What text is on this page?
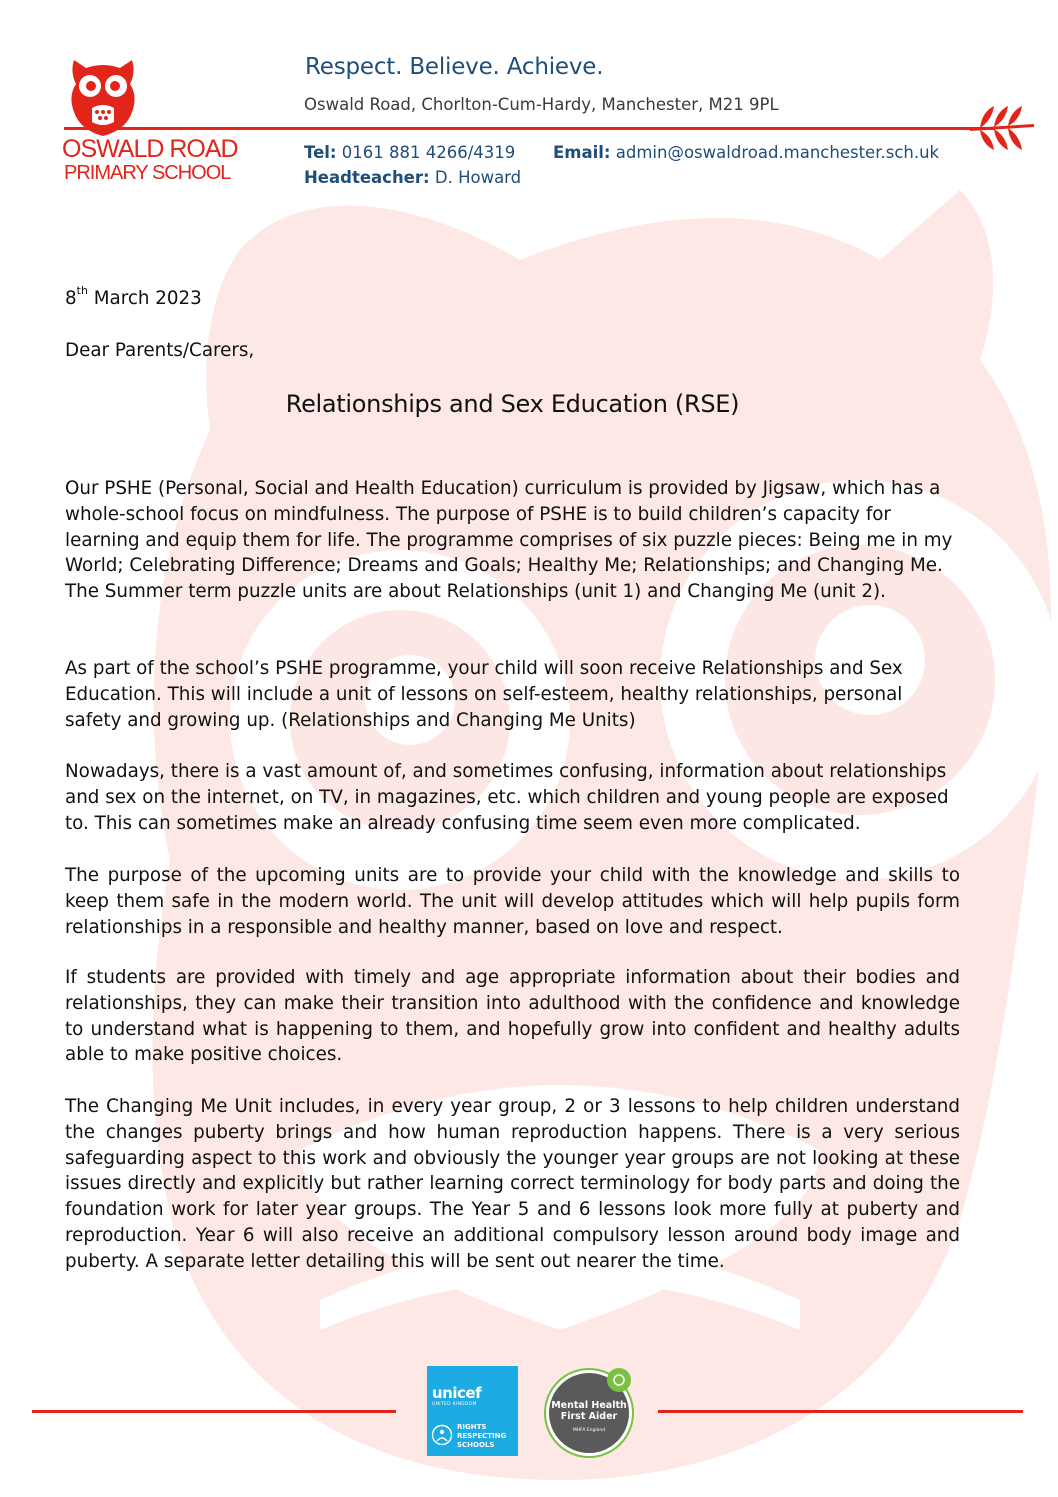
OSWALD ROAD
PRIMARY SCHOOL
Respect. Believe. Achieve.
Oswald Road, Chorlton-Cum-Hardy, Manchester, M21 9PL
Tel: 0161 881 4266/4319 Email: admin@oswaldroad.manchester.sch.uk
Headteacher: D. Howard
8th March 2023
Dear Parents/Carers,
Relationships and Sex Education (RSE)

Our PSHE (Personal, Social and Health Education) curriculum is provided by Jigsaw, which has a whole-school focus on mindfulness. The purpose of PSHE is to build children’s capacity for learning and equip them for life. The programme comprises of six puzzle pieces: Being me in my World; Celebrating Difference; Dreams and Goals; Healthy Me; Relationships; and Changing Me. The Summer term puzzle units are about Relationships (unit 1) and Changing Me (unit 2).

As part of the school’s PSHE programme, your child will soon receive Relationships and Sex Education. This will include a unit of lessons on self-esteem, healthy relationships, personal safety and growing up. (Relationships and Changing Me Units)

Nowadays, there is a vast amount of, and sometimes confusing, information about relationships and sex on the internet, on TV, in magazines, etc. which children and young people are exposed to. This can sometimes make an already confusing time seem even more complicated.

The purpose of the upcoming units are to provide your child with the knowledge and skills to keep them safe in the modern world. The unit will develop attitudes which will help pupils form relationships in a responsible and healthy manner, based on love and respect.

If students are provided with timely and age appropriate information about their bodies and relationships, they can make their transition into adulthood with the confidence and knowledge to understand what is happening to them, and hopefully grow into confident and healthy adults able to make positive choices.

The Changing Me Unit includes, in every year group, 2 or 3 lessons to help children understand the changes puberty brings and how human reproduction happens. There is a very serious safeguarding aspect to this work and obviously the younger year groups are not looking at these issues directly and explicitly but rather learning correct terminology for body parts and doing the foundation work for later year groups. The Year 5 and 6 lessons look more fully at puberty and reproduction. Year 6 will also receive an additional compulsory lesson around body image and puberty. A separate letter detailing this will be sent out nearer the time.

unicef
UNITED KINGDOM
RIGHTS
RESPECTING
SCHOOLS
Mental Health
First Aider
MHFA England
